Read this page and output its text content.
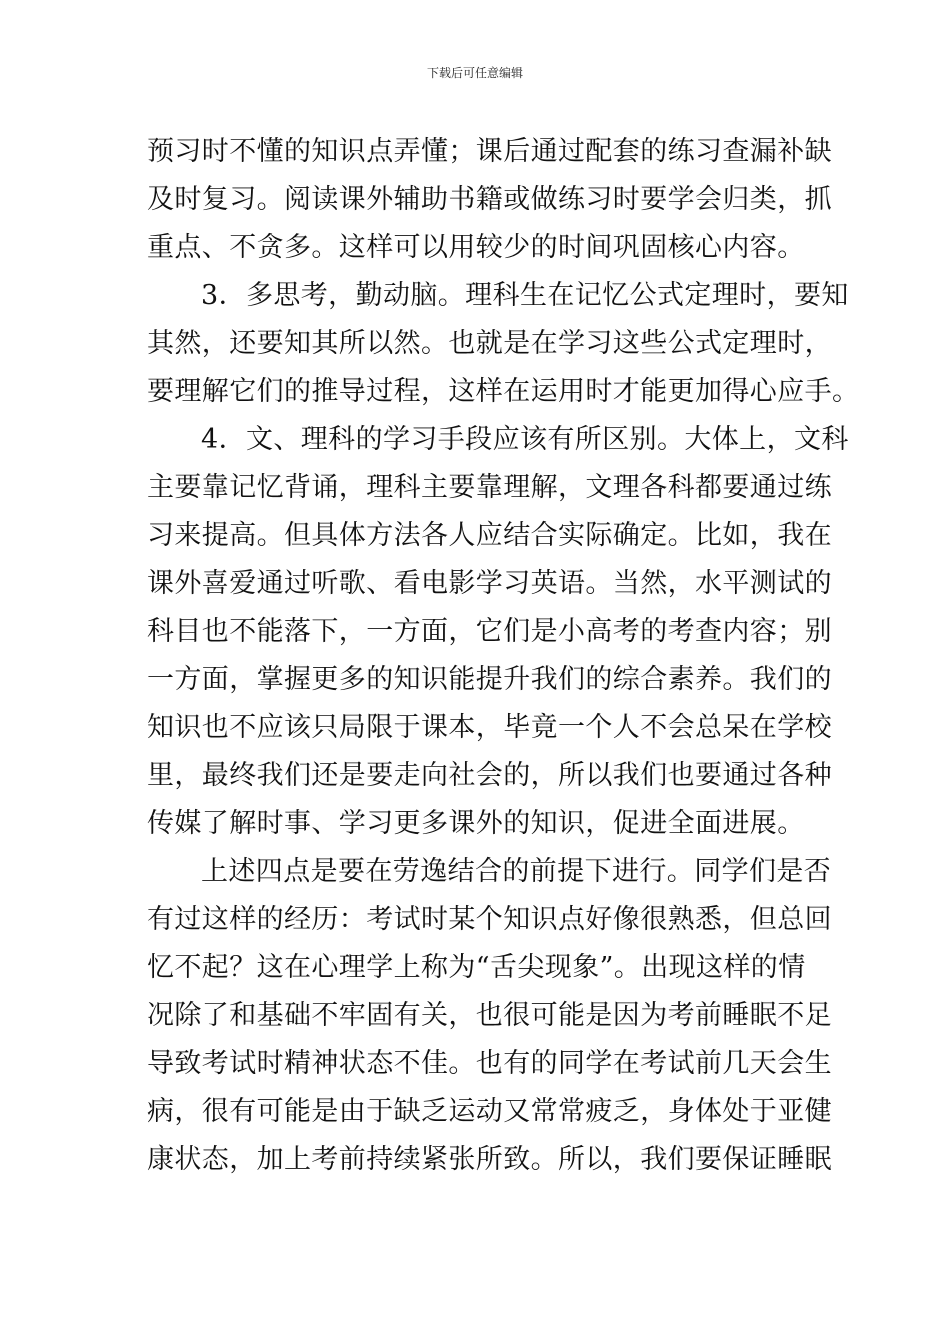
下载后可任意编辑
预习时不懂的知识点弄懂；课后通过配套的练习查漏补缺
及时复习。阅读课外辅助书籍或做练习时要学会归类，抓
重点、不贪多。这样可以用较少的时间巩固核心内容。
3．多思考，勤动脑。理科生在记忆公式定理时，要知
其然，还要知其所以然。也就是在学习这些公式定理时，
要理解它们的推导过程，这样在运用时才能更加得心应手。
4．文、理科的学习手段应该有所区别。大体上，文科
主要靠记忆背诵，理科主要靠理解，文理各科都要通过练
习来提高。但具体方法各人应结合实际确定。比如，我在
课外喜爱通过听歌、看电影学习英语。当然，水平测试的
科目也不能落下，一方面，它们是小高考的考查内容；别
一方面，掌握更多的知识能提升我们的综合素养。我们的
知识也不应该只局限于课本，毕竟一个人不会总呆在学校
里，最终我们还是要走向社会的，所以我们也要通过各种
传媒了解时事、学习更多课外的知识，促进全面进展。
上述四点是要在劳逸结合的前提下进行。同学们是否
有过这样的经历：考试时某个知识点好像很熟悉，但总回
忆不起？这在心理学上称为“舌尖现象”。出现这样的情
况除了和基础不牢固有关，也很可能是因为考前睡眠不足
导致考试时精神状态不佳。也有的同学在考试前几天会生
病，很有可能是由于缺乏运动又常常疲乏，身体处于亚健
康状态，加上考前持续紧张所致。所以，我们要保证睡眠
